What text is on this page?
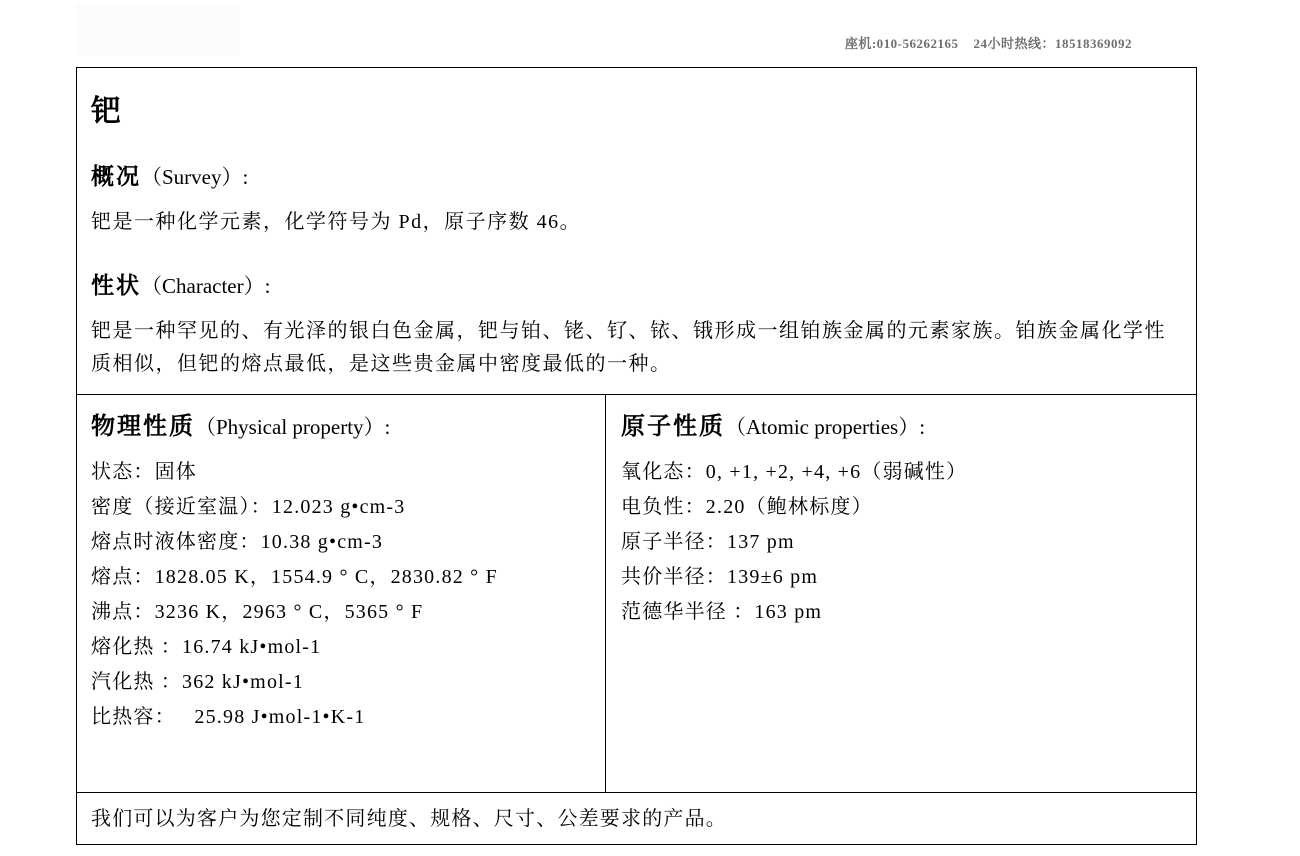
座机:010-56262165    24小时热线：18518369092
钯
概况（Survey）:
钯是一种化学元素，化学符号为 Pd，原子序数 46。
性状（Character）:
钯是一种罕见的、有光泽的银白色金属，钯与铂、铑、钌、铱、锇形成一组铂族金属的元素家族。铂族金属化学性质相似，但钯的熔点最低，是这些贵金属中密度最低的一种。
物理性质（Physical property）:
状态：固体
密度（接近室温）：12.023 g•cm-3
熔点时液体密度：10.38 g•cm-3
熔点：1828.05 K，1554.9 ° C，2830.82 ° F
沸点：3236 K，2963 ° C，5365 ° F
熔化热 ：16.74 kJ•mol-1
汽化热 ：362 kJ•mol-1
比热容：   25.98 J•mol-1•K-1
原子性质（Atomic properties）:
氧化态：0, +1, +2, +4, +6（弱碱性）
电负性：2.20（鲍林标度）
原子半径：137 pm
共价半径：139±6 pm
范德华半径 ：163 pm
我们可以为客户为您定制不同纯度、规格、尺寸、公差要求的产品。
